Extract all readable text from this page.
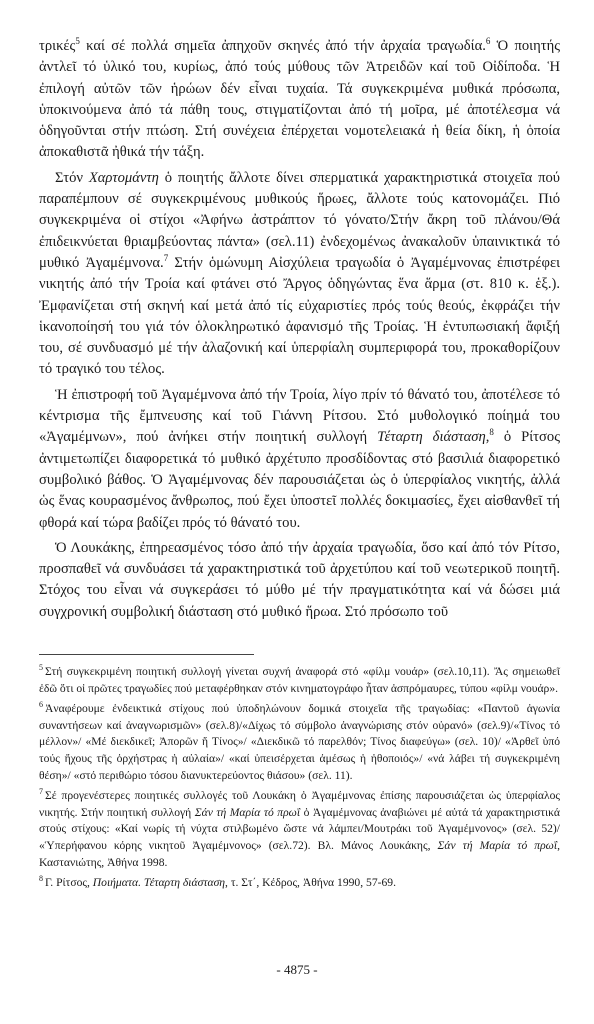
τρικές$^5$ καί σέ πολλά σημεῖα ἀπηχοῦν σκηνές ἀπό τήν ἀρχαία τραγωδία.$^6$ Ὁ ποιητής ἀντλεῖ τό ὑλικό του, κυρίως, ἀπό τούς μύθους τῶν Ἀτρειδῶν καί τοῦ Οἰδίποδα. Ἡ ἐπιλογή αὐτῶν τῶν ἡρώων δέν εἶναι τυχαία. Τά συγκεκριμένα μυθικά πρόσωπα, ὑποκινούμενα ἀπό τά πάθη τους, στιγματίζονται ἀπό τή μοῖρα, μέ ἀποτέλεσμα νά ὁδηγοῦνται στήν πτώση. Στή συνέχεια ἐπέρχεται νομοτελειακά ἡ θεία δίκη, ἡ ὁποία ἀποκαθιστᾶ ἠθικά τήν τάξη.

Στόν Χαρτομάντη ὁ ποιητής ἄλλοτε δίνει σπερματικά χαρακτηριστικά στοιχεῖα πού παραπέμπουν σέ συγκεκριμένους μυθικούς ἥρωες, ἄλλοτε τούς κατονομάζει. Πιό συγκεκριμένα οἱ στίχοι «Ἀφήνω ἀστράπτον τό γόνατο/Στήν ἄκρη τοῦ πλάνου/Θά ἐπιδεικνύεται θριαμβεύοντας πάντα» (σελ.11) ἐνδεχομένως ἀνακαλοῦν ὑπαινικτικά τό μυθικό Ἀγαμέμνονα.$^7$ Στήν ὁμώνυμη Αἰσχύλεια τραγωδία ὁ Ἀγαμέμνονας ἐπιστρέφει νικητής ἀπό τήν Τροία καί φτάνει στό Ἄργος ὁδηγώντας ἕνα ἅρμα (στ. 810 κ. ἑξ.). Ἐμφανίζεται στή σκηνή καί μετά ἀπό τίς εὐχαριστίες πρός τούς θεούς, ἐκφράζει τήν ἱκανοποίησή του γιά τόν ὁλοκληρωτικό ἀφανισμό τῆς Τροίας. Ἡ ἐντυπωσιακή ἄφιξή του, σέ συνδυασμό μέ τήν ἀλαζονική καί ὑπερφίαλη συμπεριφορά του, προκαθορίζουν τό τραγικό του τέλος.

Ἡ ἐπιστροφή τοῦ Ἀγαμέμνονα ἀπό τήν Τροία, λίγο πρίν τό θάνατό του, ἀποτέλεσε τό κέντρισμα τῆς ἔμπνευσης καί τοῦ Γιάννη Ρίτσου. Στό μυθολογικό ποίημά του «Ἀγαμέμνων», πού ἀνήκει στήν ποιητική συλλογή Τέταρτη διάσταση,$^8$ ὁ Ρίτσος ἀντιμετωπίζει διαφορετικά τό μυθικό ἀρχέτυπο προσδίδοντας στό βασιλιά διαφορετικό συμβολικό βάθος. Ὁ Ἀγαμέμνονας δέν παρουσιάζεται ὡς ὁ ὑπερφίαλος νικητής, ἀλλά ὡς ἕνας κουρασμένος ἄνθρωπος, πού ἔχει ὑποστεῖ πολλές δοκιμασίες, ἔχει αἰσθανθεῖ τή φθορά καί τώρα βαδίζει πρός τό θάνατό του.

Ὁ Λουκάκης, ἐπηρεασμένος τόσο ἀπό τήν ἀρχαία τραγωδία, ὅσο καί ἀπό τόν Ρίτσο, προσπαθεῖ νά συνδυάσει τά χαρακτηριστικά τοῦ ἀρχετύπου καί τοῦ νεωτερικοῦ ποιητῆ. Στόχος του εἶναι νά συγκεράσει τό μύθο μέ τήν πραγματικότητα καί νά δώσει μιά συγχρονική συμβολική διάσταση στό μυθικό ἥρωα. Στό πρόσωπο τοῦ

$^5$ Στή συγκεκριμένη ποιητική συλλογή γίνεται συχνή ἀναφορά στό «φίλμ νουάρ» (σελ.10,11). Ἄς σημειωθεῖ ἐδῶ ὅτι οἱ πρῶτες τραγωδίες πού μεταφέρθηκαν στόν κινηματογράφο ἦταν ἀσπρόμαυρες, τύπου «φίλμ νουάρ».

$^6$ Ἀναφέρουμε ἐνδεικτικά στίχους πού ὑποδηλώνουν δομικά στοιχεῖα τῆς τραγωδίας: «Παντοῦ ἀγωνία συναντήσεων καί ἀναγνωρισμῶν» (σελ.8)/«Δίχως τό σύμβολο ἀναγνώρισης στόν οὐρανό» (σελ.9)/«Τίνος τό μέλλον»/ «Μέ διεκδικεῖ; Ἀπορῶν ἤ Τίνος»/ «Διεκδικῶ τό παρελθόν; Τίνος διαφεύγω» (σελ. 10)/ «Ἀρθεῖ ὑπό τούς ἤχους τῆς ὀρχήστρας ἡ αὐλαία»/ «καί ὑπεισέρχεται ἀμέσως ἡ ἠθοποιός»/ «νά λάβει τή συγκεκριμένη θέση»/ «στό περιθώριο τόσου διανυκτερεύοντος θιάσου» (σελ. 11).

$^7$ Σέ προγενέστερες ποιητικές συλλογές τοῦ Λουκάκη ὁ Ἀγαμέμνονας ἐπίσης παρουσιάζεται ὡς ὑπερφίαλος νικητής. Στήν ποιητική συλλογή Σάν τή Μαρία τό πρωΐ ὁ Ἀγαμέμνονας ἀναβιώνει μέ αὐτά τά χαρακτηριστικά στούς στίχους: «Καί νωρίς τή νύχτα στιλβωμένο ὥστε νά λάμπει/Μουτράκι τοῦ Ἀγαμέμνονος» (σελ. 52)/ «Ὑπερήφανου κόρης νικητοῦ Ἀγαμέμνονος» (σελ.72). Βλ. Μάνος Λουκάκης, Σάν τή Μαρία τό πρωΐ, Καστανιώτης, Ἀθήνα 1998.

$^8$ Γ. Ρίτσος, Ποιήματα. Τέταρτη διάσταση, τ. Στ΄, Κέδρος, Ἀθήνα 1990, 57-69.

- 4875 -
